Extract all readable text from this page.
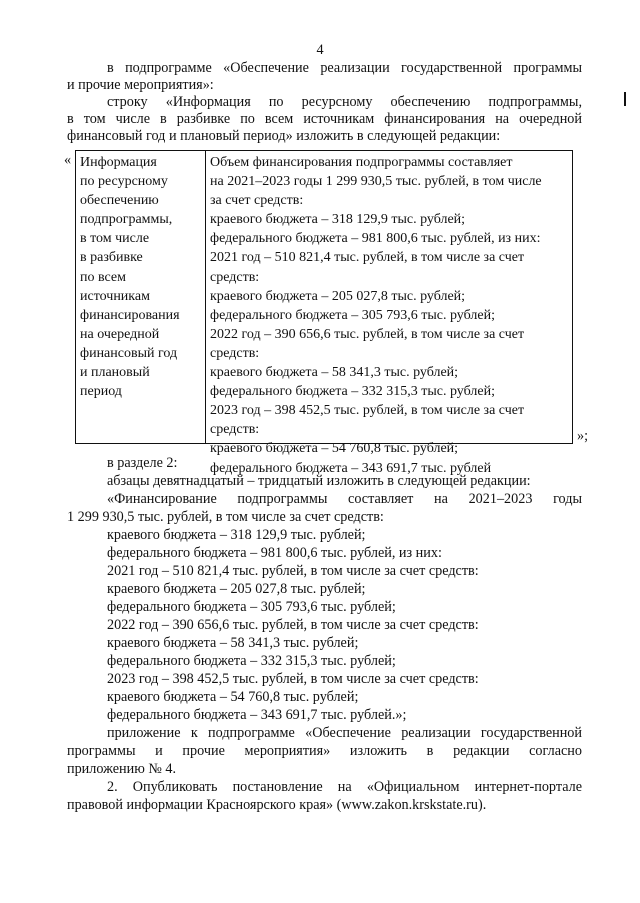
4
в подпрограмме «Обеспечение реализации государственной программы
и прочие мероприятия»:
строку «Информация по ресурсному обеспечению подпрограммы,
в том числе в разбивке по всем источникам финансирования на очередной
финансовый год и плановый период» изложить в следующей редакции:
« Информация
по ресурсному
обеспечению
подпрограммы,
в том числе
в разбивке
по всем
источникам
финансирования
на очередной
финансовый год
и плановый
период
Объем финансирования подпрограммы составляет
на 2021–2023 годы 1 299 930,5 тыс. рублей, в том числе
за счет средств:
краевого бюджета – 318 129,9 тыс. рублей;
федерального бюджета – 981 800,6 тыс. рублей, из них:
2021 год – 510 821,4 тыс. рублей, в том числе за счет
средств:
краевого бюджета – 205 027,8 тыс. рублей;
федерального бюджета – 305 793,6 тыс. рублей;
2022 год – 390 656,6 тыс. рублей, в том числе за счет
средств:
краевого бюджета – 58 341,3 тыс. рублей;
федерального бюджета – 332 315,3 тыс. рублей;
2023 год – 398 452,5 тыс. рублей, в том числе за счет
средств:
краевого бюджета – 54 760,8 тыс. рублей;
федерального бюджета – 343 691,7 тыс. рублей
»;
в разделе 2:
абзацы девятнадцатый – тридцатый изложить в следующей редакции:
«Финансирование подпрограммы составляет на 2021–2023 годы
1 299 930,5 тыс. рублей, в том числе за счет средств:
краевого бюджета – 318 129,9 тыс. рублей;
федерального бюджета – 981 800,6 тыс. рублей, из них:
2021 год – 510 821,4 тыс. рублей, в том числе за счет средств:
краевого бюджета – 205 027,8 тыс. рублей;
федерального бюджета – 305 793,6 тыс. рублей;
2022 год – 390 656,6 тыс. рублей, в том числе за счет средств:
краевого бюджета – 58 341,3 тыс. рублей;
федерального бюджета – 332 315,3 тыс. рублей;
2023 год – 398 452,5 тыс. рублей, в том числе за счет средств:
краевого бюджета – 54 760,8 тыс. рублей;
федерального бюджета – 343 691,7 тыс. рублей.»;
приложение к подпрограмме «Обеспечение реализации государственной
программы и прочие мероприятия» изложить в редакции согласно
приложению № 4.
2. Опубликовать постановление на «Официальном интернет-портале
правовой информации Красноярского края» (www.zakon.krskstate.ru).
